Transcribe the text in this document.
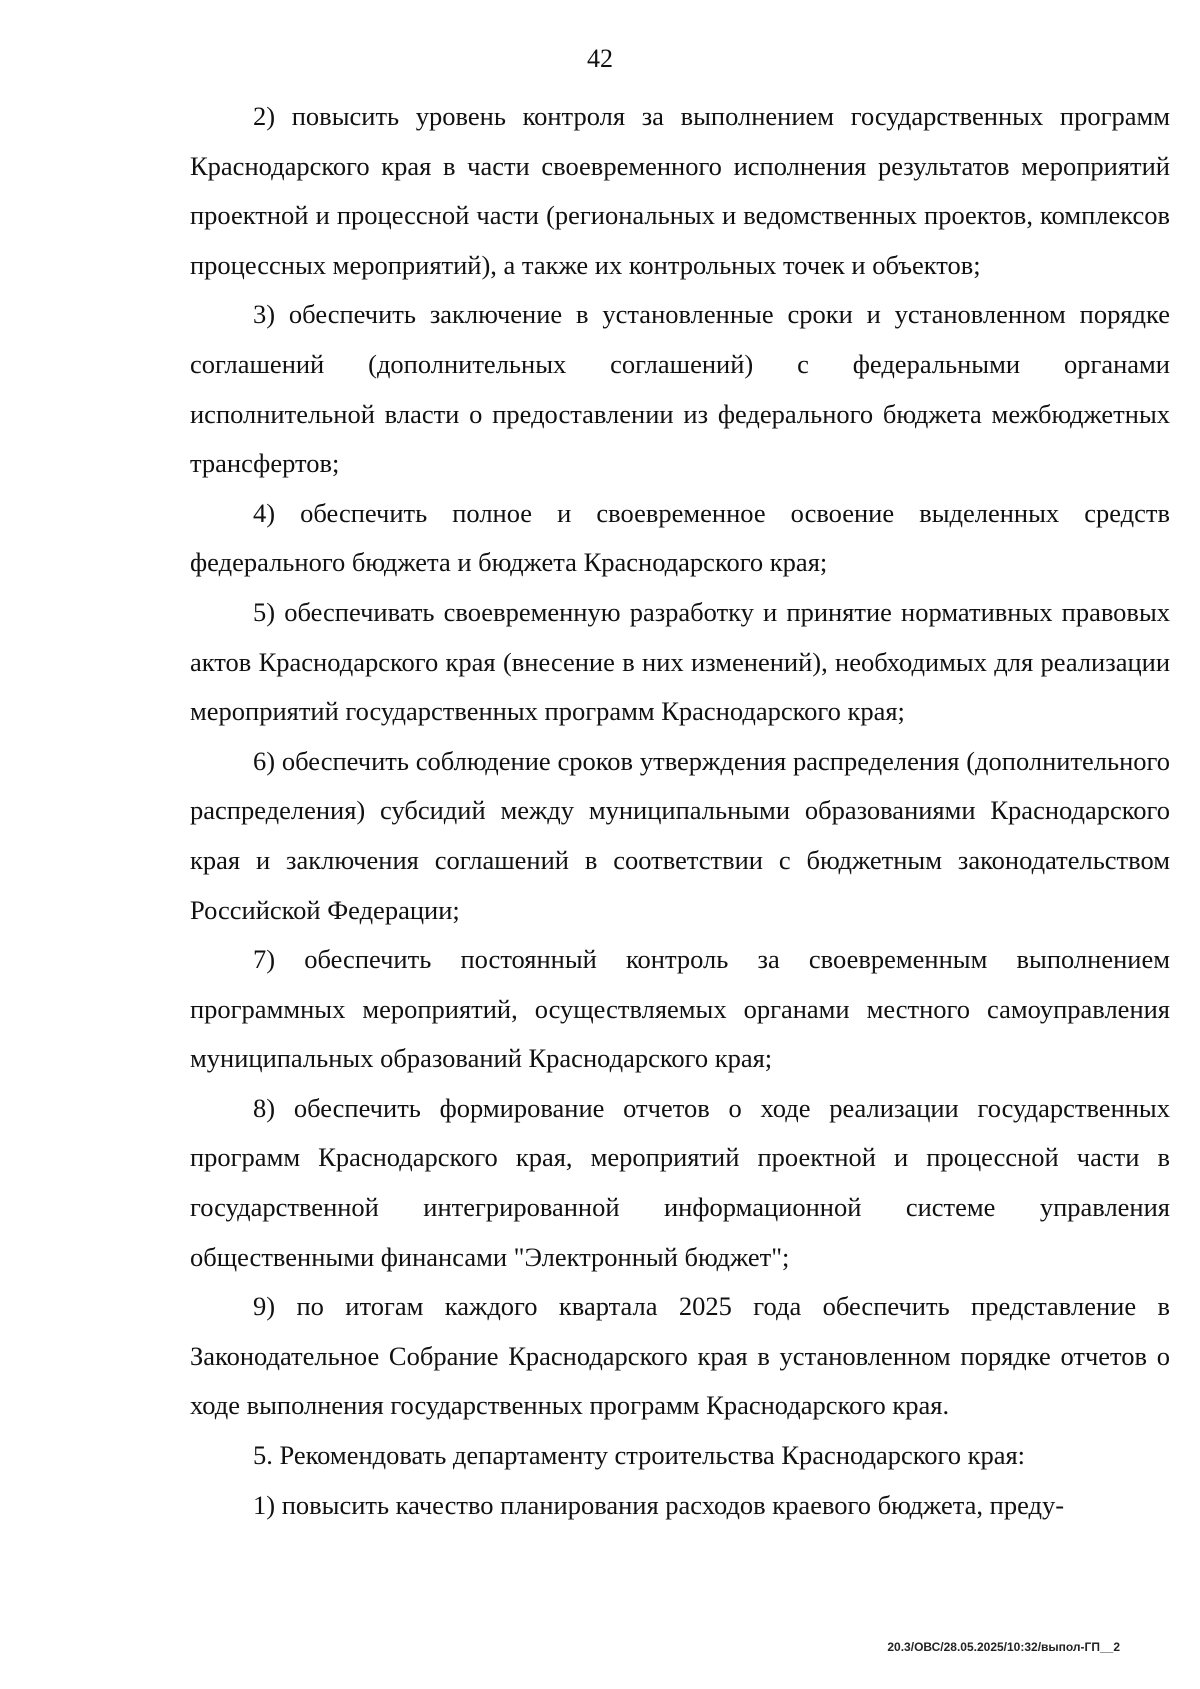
42

2) повысить уровень контроля за выполнением государственных программ Краснодарского края в части своевременного исполнения результатов мероприятий проектной и процессной части (региональных и ведомственных проектов, комплексов процессных мероприятий), а также их контрольных точек и объектов;

3) обеспечить заключение в установленные сроки и установленном порядке соглашений (дополнительных соглашений) с федеральными органами исполнительной власти о предоставлении из федерального бюджета межбюджетных трансфертов;

4) обеспечить полное и своевременное освоение выделенных средств федерального бюджета и бюджета Краснодарского края;

5) обеспечивать своевременную разработку и принятие нормативных правовых актов Краснодарского края (внесение в них изменений), необходимых для реализации мероприятий государственных программ Краснодарского края;

6) обеспечить соблюдение сроков утверждения распределения (дополнительного распределения) субсидий между муниципальными образованиями Краснодарского края и заключения соглашений в соответствии с бюджетным законодательством Российской Федерации;

7) обеспечить постоянный контроль за своевременным выполнением программных мероприятий, осуществляемых органами местного самоуправления муниципальных образований Краснодарского края;

8) обеспечить формирование отчетов о ходе реализации государственных программ Краснодарского края, мероприятий проектной и процессной части в государственной интегрированной информационной системе управления общественными финансами "Электронный бюджет";

9) по итогам каждого квартала 2025 года обеспечить представление в Законодательное Собрание Краснодарского края в установленном порядке отчетов о ходе выполнения государственных программ Краснодарского края.

5. Рекомендовать департаменту строительства Краснодарского края:

1) повысить качество планирования расходов краевого бюджета, преду-

20.3/ОВС/28.05.2025/10:32/выпол-ГП__2
